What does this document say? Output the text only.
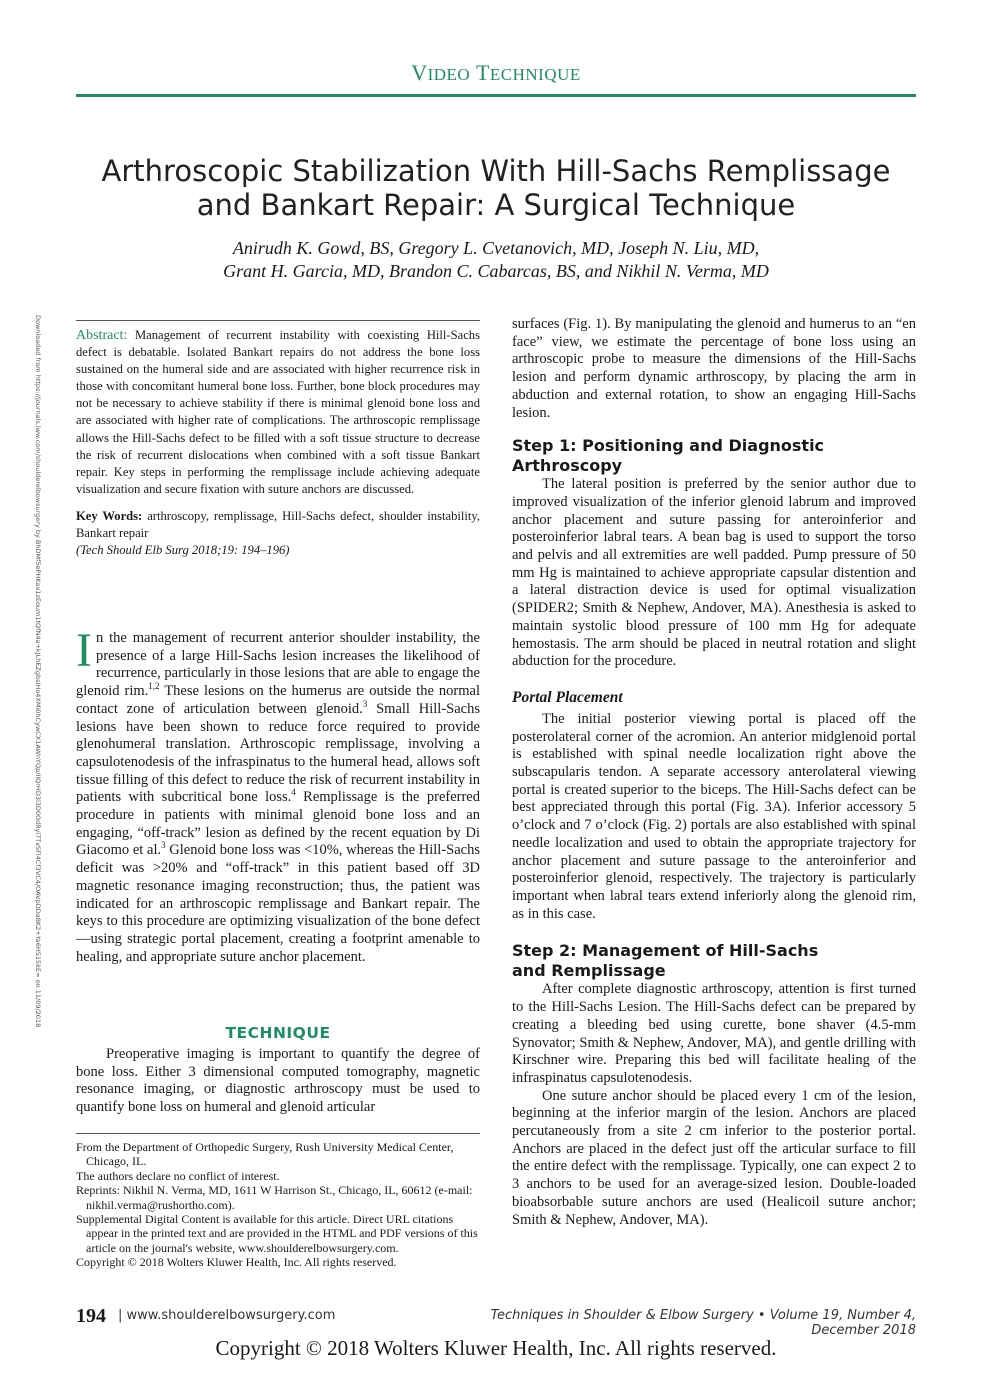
VIDEO TECHNIQUE
Arthroscopic Stabilization With Hill-Sachs Remplissage
and Bankart Repair: A Surgical Technique
Anirudh K. Gowd, BS, Gregory L. Cvetanovich, MD, Joseph N. Liu, MD,
Grant H. Garcia, MD, Brandon C. Cabarcas, BS, and Nikhil N. Verma, MD
Downloaded from https://journals.lww.com/shoulderelbowsurgery by BhDMf5ePHKav1zEoum1tQfN4a+kJLhEZgbsIHo4XMi0hCywCX1AWnYQp/IlQrHD3i3D0OdRyi7TvSFl4Cf3VC4/OAVpDDa8K2+Ya6H515kE= on 11/09/2018 Abstract: Management of recurrent instability with coexisting Hill-Sachs defect is debatable. Isolated Bankart repairs do not address the bone loss sustained on the humeral side and are associated with higher recurrence risk in those with concomitant humeral bone loss. Further, bone block procedures may not be necessary to achieve stability if there is minimal glenoid bone loss and are associated with higher rate of complications. The arthroscopic remplissage allows the Hill-Sachs defect to be filled with a soft tissue structure to decrease the risk of recurrent dislocations when combined with a soft tissue Bankart repair. Key steps in performing the remplissage include achieving adequate visualization and secure fixation with suture anchors are discussed.

Key Words: arthroscopy, remplissage, Hill-Sachs defect, shoulder instability, Bankart repair

(Tech Should Elb Surg 2018;19: 194–196)

In the management of recurrent anterior shoulder instability, the presence of a large Hill-Sachs lesion increases the likelihood of recurrence, particularly in those lesions that are able to engage the glenoid rim.$^{1,2}$ These lesions on the humerus are outside the normal contact zone of articulation between glenoid.$^3$ Small Hill-Sachs lesions have been shown to reduce force required to provide glenohumeral translation. Arthroscopic remplissage, involving a capsulotenodesis of the infraspinatus to the humeral head, allows soft tissue filling of this defect to reduce the risk of recurrent instability in patients with subcritical bone loss.$^4$ Remplissage is the preferred procedure in patients with minimal glenoid bone loss and an engaging, “off-track” lesion as defined by the recent equation by Di Giacomo et al.$^3$ Glenoid bone loss was <10%, whereas the Hill-Sachs deficit was >20% and “off-track” in this patient based off 3D magnetic resonance imaging reconstruction; thus, the patient was indicated for an arthroscopic remplissage and Bankart repair. The keys to this procedure are optimizing visualization of the bone defect—using strategic portal placement, creating a footprint amenable to healing, and appropriate suture anchor placement.

TECHNIQUE

Preoperative imaging is important to quantify the degree of bone loss. Either 3 dimensional computed tomography, magnetic resonance imaging, or diagnostic arthroscopy must be used to quantify bone loss on humeral and glenoid articular

From the Department of Orthopedic Surgery, Rush University Medical Center, Chicago, IL.

The authors declare no conflict of interest.

Reprints: Nikhil N. Verma, MD, 1611 W Harrison St., Chicago, IL, 60612 (e-mail: nikhil.verma@rushortho.com).

Supplemental Digital Content is available for this article. Direct URL citations appear in the printed text and are provided in the HTML and PDF versions of this article on the journal's website, www.shoulderelbowsurgery.com.

Copyright © 2018 Wolters Kluwer Health, Inc. All rights reserved.

surfaces (Fig. 1). By manipulating the glenoid and humerus to an “en face” view, we estimate the percentage of bone loss using an arthroscopic probe to measure the dimensions of the Hill-Sachs lesion and perform dynamic arthroscopy, by placing the arm in abduction and external rotation, to show an engaging Hill-Sachs lesion.

Step 1: Positioning and Diagnostic Arthroscopy

The lateral position is preferred by the senior author due to improved visualization of the inferior glenoid labrum and improved anchor placement and suture passing for anteroinferior and posteroinferior labral tears. A bean bag is used to support the torso and pelvis and all extremities are well padded. Pump pressure of 50 mm Hg is maintained to achieve appropriate capsular distention and a lateral distraction device is used for optimal visualization (SPIDER2; Smith & Nephew, Andover, MA). Anesthesia is asked to maintain systolic blood pressure of 100 mm Hg for adequate hemostasis. The arm should be placed in neutral rotation and slight abduction for the procedure.

Portal Placement

The initial posterior viewing portal is placed off the posterolateral corner of the acromion. An anterior midglenoid portal is established with spinal needle localization right above the subscapularis tendon. A separate accessory anterolateral viewing portal is created superior to the biceps. The Hill-Sachs defect can be best appreciated through this portal (Fig. 3A). Inferior accessory 5 o’clock and 7 o’clock (Fig. 2) portals are also established with spinal needle localization and used to obtain the appropriate trajectory for anchor placement and suture passage to the anteroinferior and posteroinferior glenoid, respectively. The trajectory is particularly important when labral tears extend inferiorly along the glenoid rim, as in this case.

Step 2: Management of Hill-Sachs

and Remplissage

After complete diagnostic arthroscopy, attention is first turned to the Hill-Sachs Lesion. The Hill-Sachs defect can be prepared by creating a bleeding bed using curette, bone shaver (4.5-mm Synovator; Smith & Nephew, Andover, MA), and gentle drilling with Kirschner wire. Preparing this bed will facilitate healing of the infraspinatus capsulotenodesis.

One suture anchor should be placed every 1 cm of the lesion, beginning at the inferior margin of the lesion. Anchors are placed percutaneously from a site 2 cm inferior to the posterior portal. Anchors are placed in the defect just off the articular surface to fill the entire defect with the remplissage. Typically, one can expect 2 to 3 anchors to be used for an average-sized lesion. Double-loaded bioabsorbable suture anchors are used (Healicoil suture anchor; Smith & Nephew, Andover, MA).

194 | www.shoulderelbowsurgery.com	Techniques in Shoulder & Elbow Surgery • Volume 19, Number 4, December 2018
Copyright © 2018 Wolters Kluwer Health, Inc. All rights reserved.
